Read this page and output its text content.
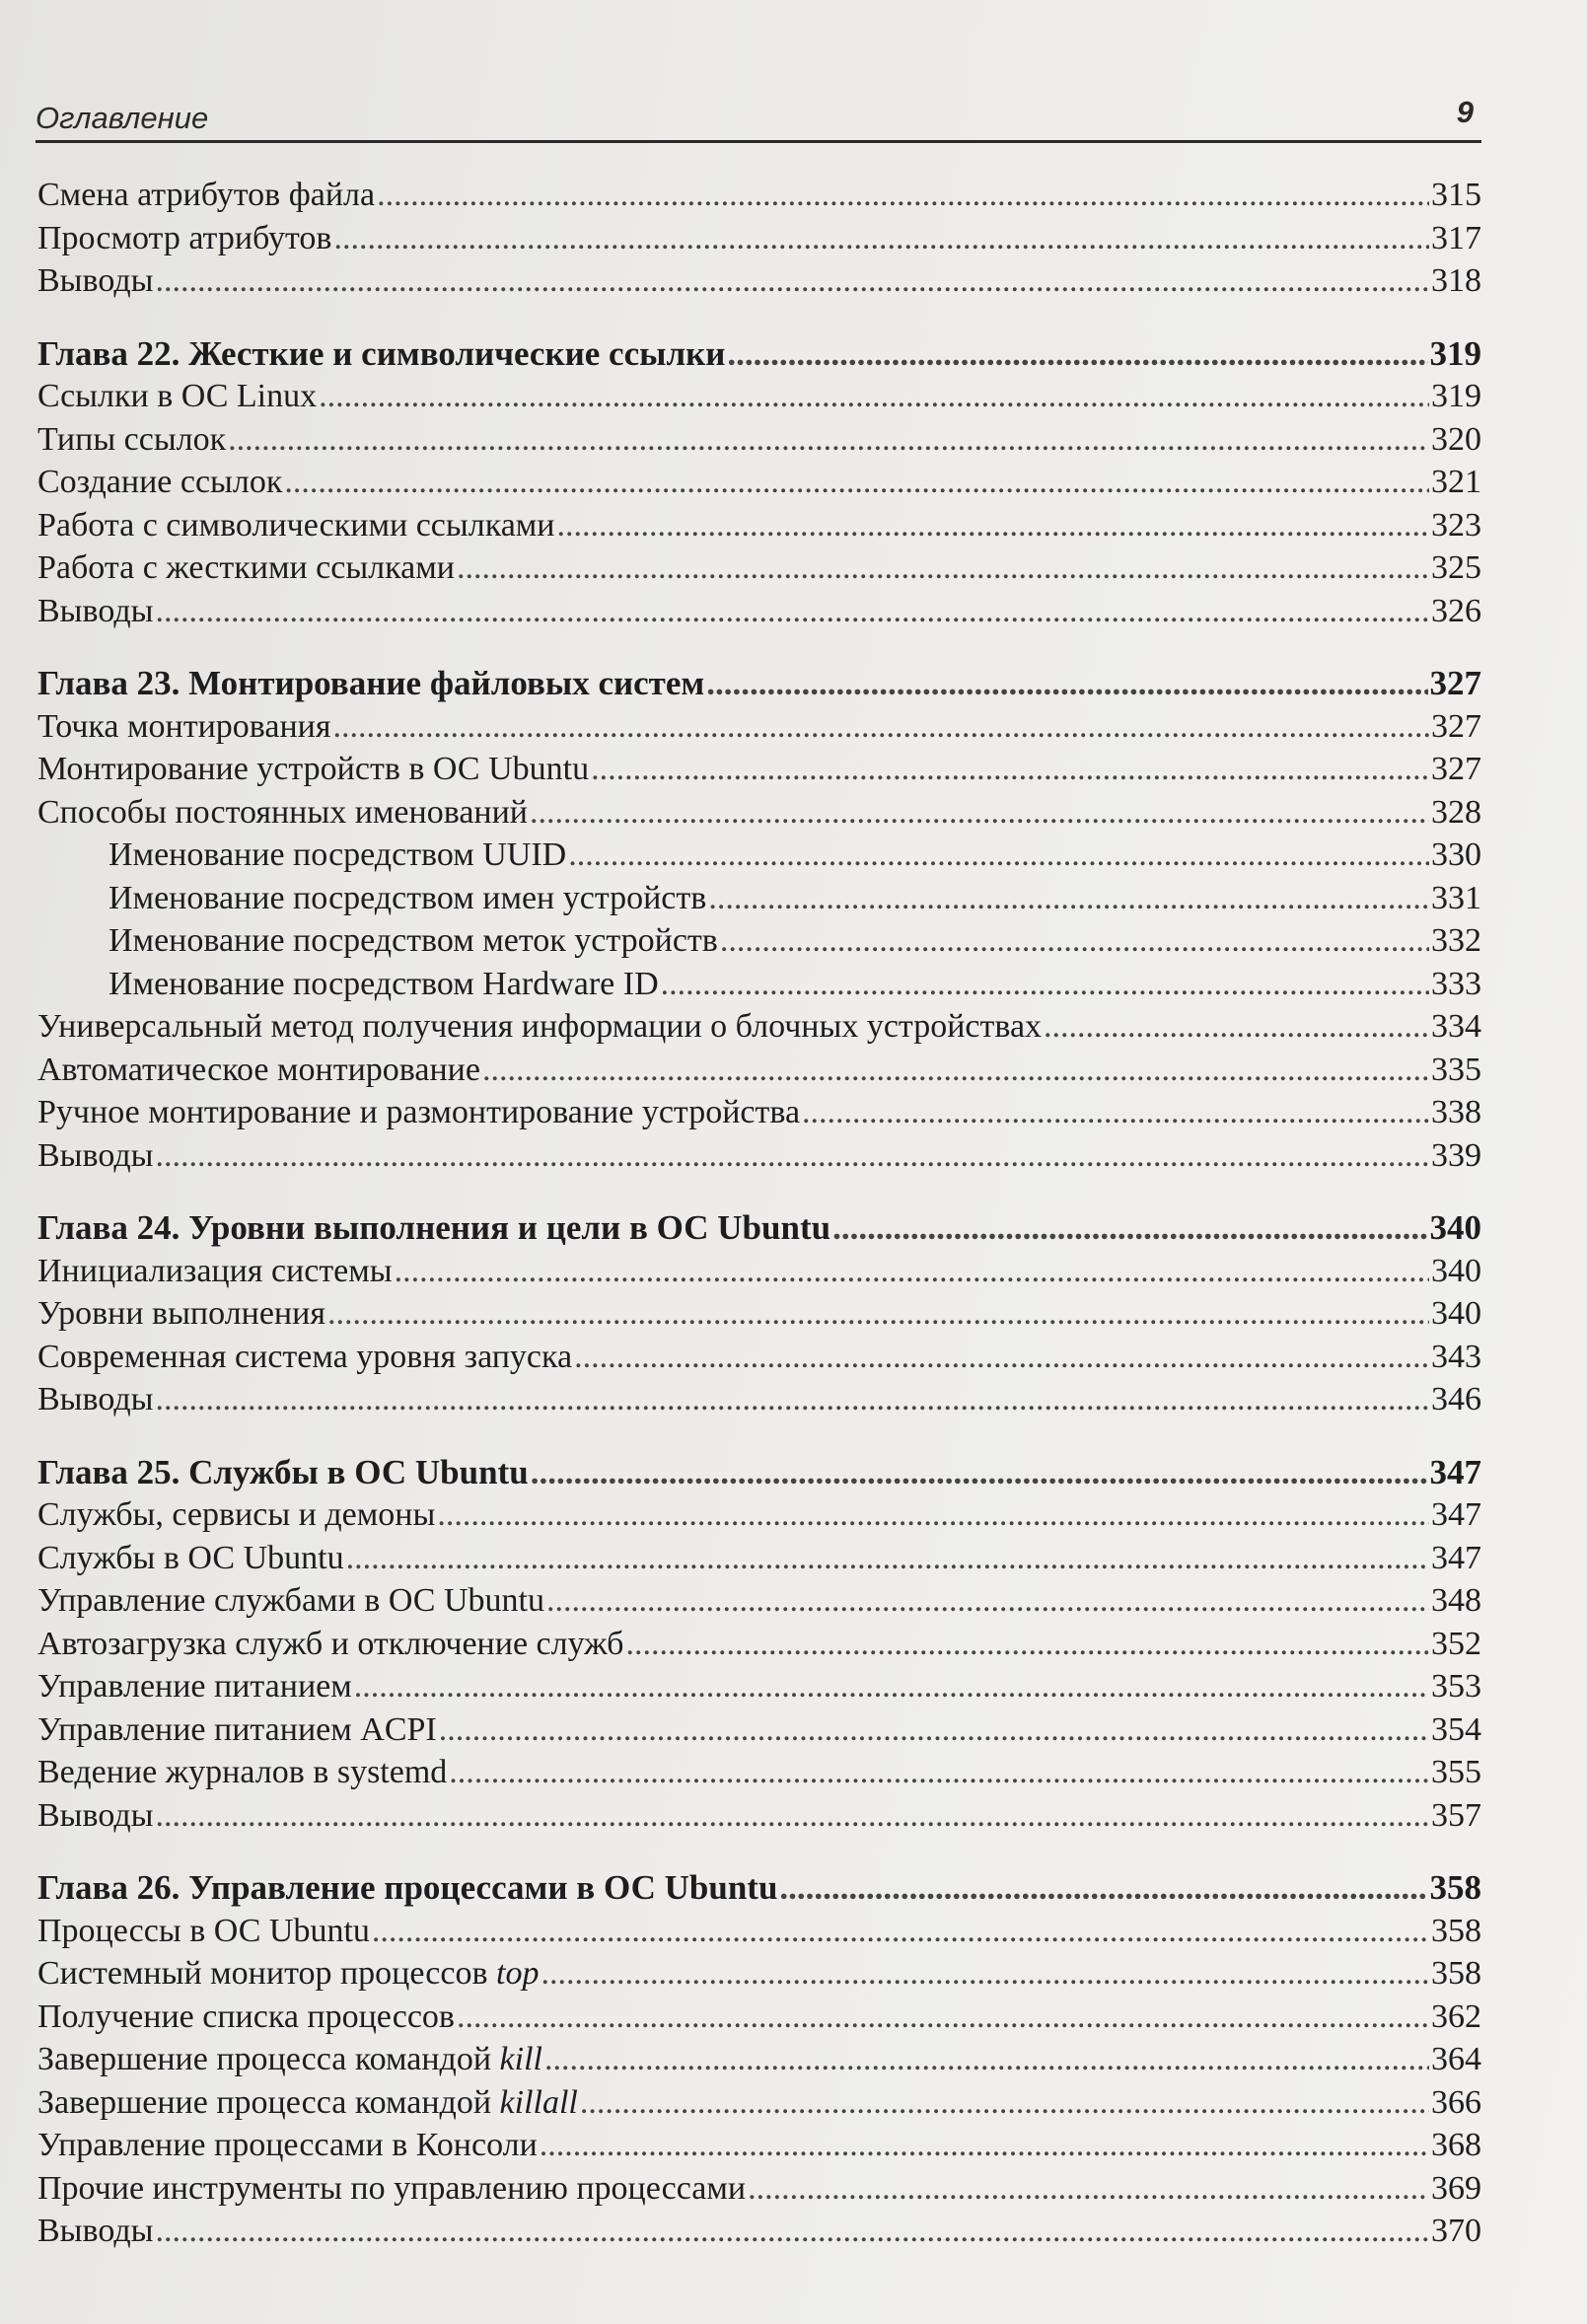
Оглавление	9
Смена атрибутов файла .....	315
Просмотр атрибутов .....	317
Выводы .....	318
Глава 22. Жесткие и символические ссылки .....	319
Ссылки в ОС Linux .....	319
Типы ссылок .....	320
Создание ссылок .....	321
Работа с символическими ссылками .....	323
Работа с жесткими ссылками .....	325
Выводы .....	326
Глава 23. Монтирование файловых систем .....	327
Точка монтирования .....	327
Монтирование устройств в ОС Ubuntu .....	327
Способы постоянных именований .....	328
Именование посредством UUID .....	330
Именование посредством имен устройств .....	331
Именование посредством меток устройств .....	332
Именование посредством Hardware ID .....	333
Универсальный метод получения информации о блочных устройствах .....	334
Автоматическое монтирование .....	335
Ручное монтирование и размонтирование устройства .....	338
Выводы .....	339
Глава 24. Уровни выполнения и цели в ОС Ubuntu .....	340
Инициализация системы .....	340
Уровни выполнения .....	340
Современная система уровня запуска .....	343
Выводы .....	346
Глава 25. Службы в ОС Ubuntu .....	347
Службы, сервисы и демоны .....	347
Службы в ОС Ubuntu .....	347
Управление службами в ОС Ubuntu .....	348
Автозагрузка служб и отключение служб .....	352
Управление питанием .....	353
Управление питанием ACPI .....	354
Ведение журналов в systemd .....	355
Выводы .....	357
Глава 26. Управление процессами в ОС Ubuntu .....	358
Процессы в ОС Ubuntu .....	358
Системный монитор процессов top .....	358
Получение списка процессов .....	362
Завершение процесса командой kill .....	364
Завершение процесса командой killall .....	366
Управление процессами в Консоли .....	368
Прочие инструменты по управлению процессами .....	369
Выводы .....	370
